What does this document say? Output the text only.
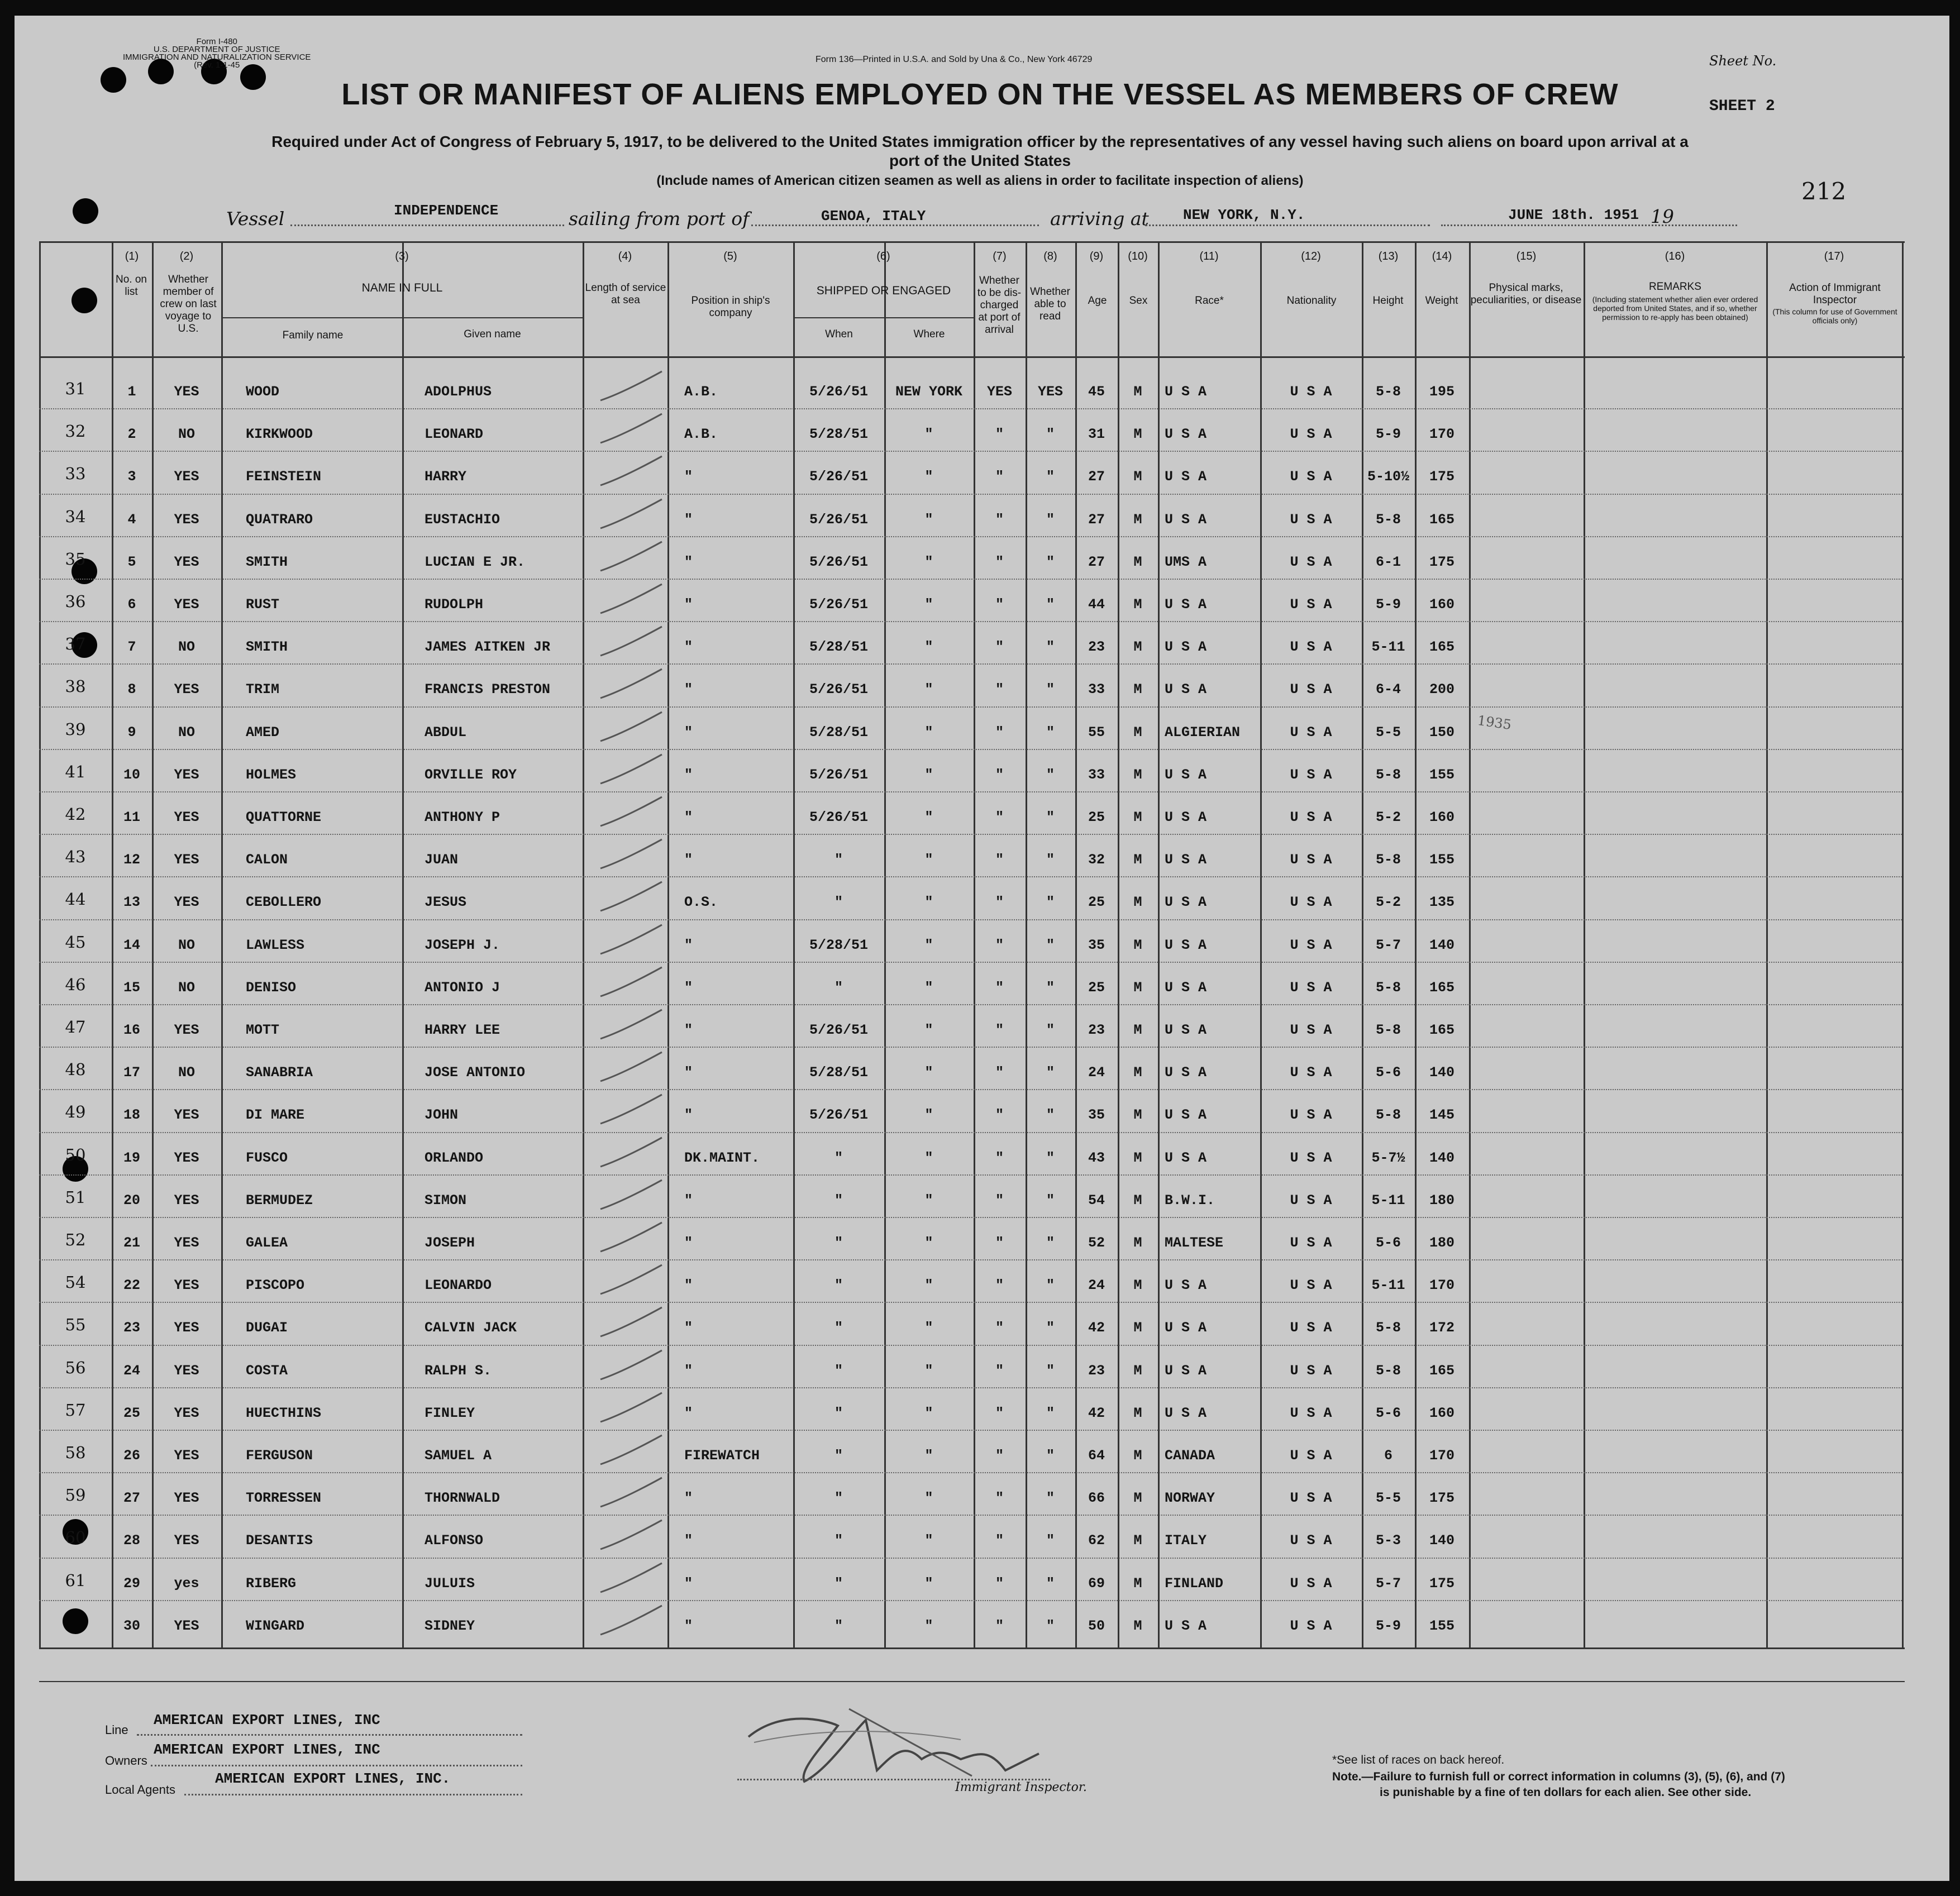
Form I-480
U.S. DEPARTMENT OF JUSTICE
IMMIGRATION AND NATURALIZATION SERVICE
(Rev. 1-1-45
Form 136—Printed in U.S.A. and Sold by Una & Co., New York 46729	Sheet No.
SHEET 2
LIST OR MANIFEST OF ALIENS EMPLOYED ON THE VESSEL AS MEMBERS OF CREW
Required under Act of Congress of February 5, 1917, to be delivered to the United States immigration officer by the representatives of any vessel having such aliens on board upon arrival at a
port of the United States
(Include names of American citizen seamen as well as aliens in order to facilitate inspection of aliens)	212
Vessel	INDEPENDENCE	sailing from port of	GENOA, ITALY	arriving at NEW YORK, N.Y.	JUNE 18th. 1951 19
No. on list
Whether member of crew on last voyage to U.S.
NAME IN FULL
Family name	Given name
Length of service at sea	Position in ship's company
SHIPPED OR ENGAGED
When	Where
Whether to be dis-charged at port of arrival
Whether able to read
Age	Sex	Race*	Nationality	Height	Weight
Physical marks, peculiarities, or disease
REMARKS
(Including statement whether alien ever ordered deported from United States, and if so, whether permission to re-apply has been obtained)
Action of Immigrant Inspector
(This column for use of Government officials only)
(1)	(2)	(3)	(4)	(5)	(6)	(7)	(8)	(9)	(10)	(11)	(12)	(13)	(14)	(15)	(16)	(17)
31	1	YES	WOOD	ADOLPHUS	A.B.	5/26/51	NEW YORK	YES	YES	45	M	U S A	U S A	5-8	195
32	2	NO	KIRKWOOD	LEONARD	A.B.	5/28/51	"	"	"	31	M	U S A	U S A	5-9	170
33	3	YES	FEINSTEIN	HARRY	"	5/26/51	"	"	"	27	M	U S A	U S A	5-10½	175
34	4	YES	QUATRARO	EUSTACHIO	"	5/26/51	"	"	"	27	M	U S A	U S A	5-8	165
35	5	YES	SMITH	LUCIAN E JR.	"	5/26/51	"	"	"	27	M	UMS A	U S A	6-1	175
36	6	YES	RUST	RUDOLPH	"	5/26/51	"	"	"	44	M	U S A	U S A	5-9	160
37	7	NO	SMITH	JAMES AITKEN JR	"	5/28/51	"	"	"	23	M	U S A	U S A	5-11	165
38	8	YES	TRIM	FRANCIS PRESTON	"	5/26/51	"	"	"	33	M	U S A	U S A	6-4	200
39	9	NO	AMED	ABDUL	"	5/28/51	"	"	"	55	M	ALGIERIAN	U S A	5-5	150
41	10	YES	HOLMES	ORVILLE ROY	"	5/26/51	"	"	"	33	M	U S A	U S A	5-8	155
42	11	YES	QUATTORNE	ANTHONY P	"	5/26/51	"	"	"	25	M	U S A	U S A	5-2	160
43	12	YES	CALON	JUAN	"	"	"	"	"	32	M	U S A	U S A	5-8	155
44	13	YES	CEBOLLERO	JESUS	O.S.	"	"	"	"	25	M	U S A	U S A	5-2	135
45	14	NO	LAWLESS	JOSEPH J.	"	5/28/51	"	"	"	35	M	U S A	U S A	5-7	140
46	15	NO	DENISO	ANTONIO J	"	"	"	"	"	25	M	U S A	U S A	5-8	165
47	16	YES	MOTT	HARRY LEE	"	5/26/51	"	"	"	23	M	U S A	U S A	5-8	165
48	17	NO	SANABRIA	JOSE ANTONIO	"	5/28/51	"	"	"	24	M	U S A	U S A	5-6	140
49	18	YES	DI MARE	JOHN	"	5/26/51	"	"	"	35	M	U S A	U S A	5-8	145
50	19	YES	FUSCO	ORLANDO	DK.MAINT.	"	"	"	"	43	M	U S A	U S A	5-7½	140
51	20	YES	BERMUDEZ	SIMON	"	"	"	"	"	54	M	B.W.I.	U S A	5-11	180
52	21	YES	GALEA	JOSEPH	"	"	"	"	"	52	M	MALTESE	U S A	5-6	180
54	22	YES	PISCOPO	LEONARDO	"	"	"	"	"	24	M	U S A	U S A	5-11	170
55	23	YES	DUGAI	CALVIN JACK	"	"	"	"	"	42	M	U S A	U S A	5-8	172
56	24	YES	COSTA	RALPH S.	"	"	"	"	"	23	M	U S A	U S A	5-8	165
57	25	YES	HUECTHINS	FINLEY	"	"	"	"	"	42	M	U S A	U S A	5-6	160
58	26	YES	FERGUSON	SAMUEL A	FIREWATCH	"	"	"	"	64	M	CANADA	U S A	6	170
59	27	YES	TORRESSEN	THORNWALD	"	"	"	"	"	66	M	NORWAY	U S A	5-5	175
60	28	YES	DESANTIS	ALFONSO	"	"	"	"	"	62	M	ITALY	U S A	5-3	140
61	29	yes	RIBERG	JULUIS	"	"	"	"	"	69	M	FINLAND	U S A	5-7	175
30	YES	WINGARD	SIDNEY	"	"	"	"	"	50	M	U S A	U S A	5-9	155
1935
Line
AMERICAN EXPORT LINES, INC
Owners
AMERICAN EXPORT LINES, INC
Local Agents
AMERICAN EXPORT LINES, INC.
Immigrant Inspector.
*See list of races on back hereof.
Note.—Failure to furnish full or correct information in columns (3), (5), (6), and (7)
is punishable by a fine of ten dollars for each alien. See other side.
